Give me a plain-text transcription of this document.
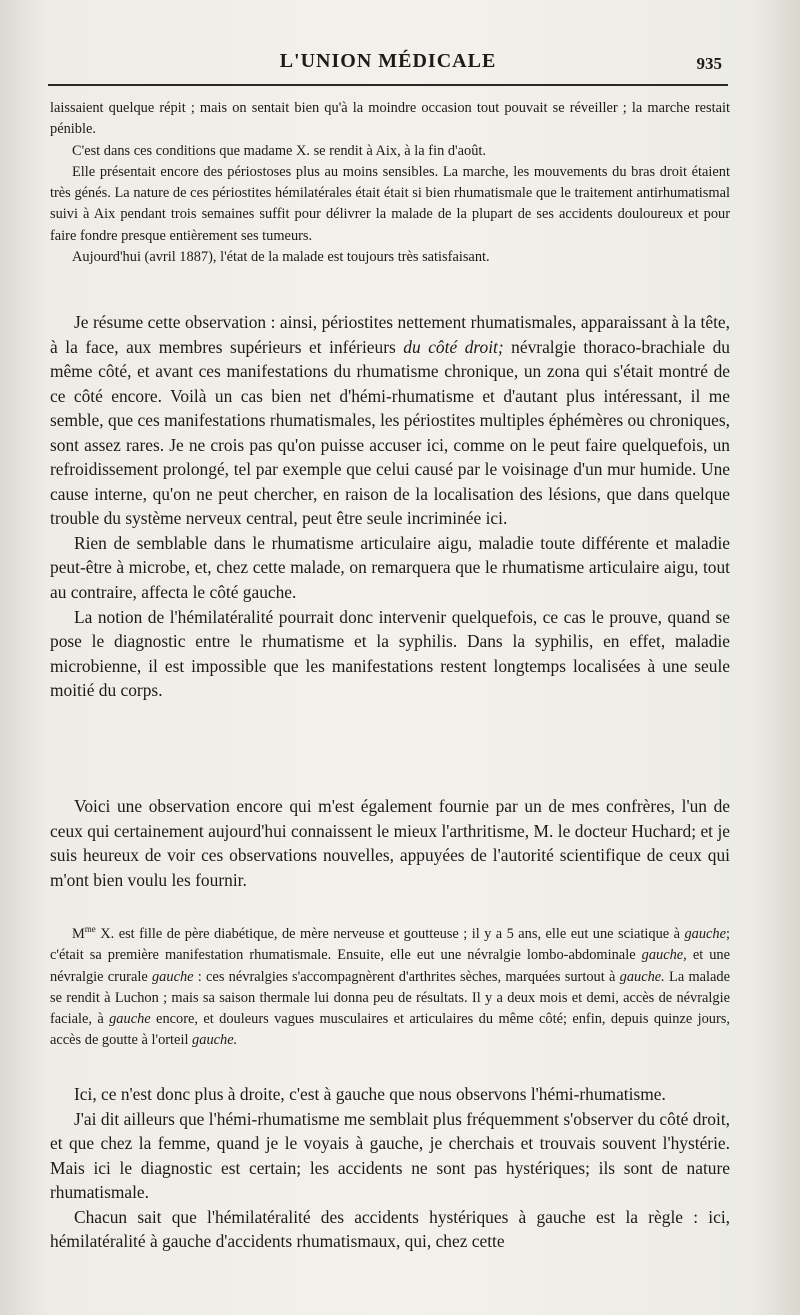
L'UNION MÉDICALE	935

laissaient quelque répit ; mais on sentait bien qu'à la moindre occasion tout pouvait se réveiller ; la marche restait pénible.

C'est dans ces conditions que madame X. se rendit à Aix, à la fin d'août.

Elle présentait encore des périostoses plus au moins sensibles. La marche, les mouvements du bras droit étaient très génés. La nature de ces périostites hémilatérales était était si bien rhumatismale que le traitement antirhumatismal suivi à Aix pendant trois semaines suffit pour délivrer la malade de la plupart de ses accidents douloureux et pour faire fondre presque entièrement ses tumeurs.

Aujourd'hui (avril 1887), l'état de la malade est toujours très satisfaisant.

Je résume cette observation : ainsi, périostites nettement rhumatismales, apparaissant à la tête, à la face, aux membres supérieurs et inférieurs du côté droit; névralgie thoraco-brachiale du même côté, et avant ces manifestations du rhumatisme chronique, un zona qui s'était montré de ce côté encore. Voilà un cas bien net d'hémi-rhumatisme et d'autant plus intéressant, il me semble, que ces manifestations rhumatismales, les périostites multiples éphémères ou chroniques, sont assez rares. Je ne crois pas qu'on puisse accuser ici, comme on le peut faire quelquefois, un refroidissement prolongé, tel par exemple que celui causé par le voisinage d'un mur humide. Une cause interne, qu'on ne peut chercher, en raison de la localisation des lésions, que dans quelque trouble du système nerveux central, peut être seule incriminée ici.

Rien de semblable dans le rhumatisme articulaire aigu, maladie toute différente et maladie peut-être à microbe, et, chez cette malade, on remarquera que le rhumatisme articulaire aigu, tout au contraire, affecta le côté gauche.

La notion de l'hémilatéralité pourrait donc intervenir quelquefois, ce cas le prouve, quand se pose le diagnostic entre le rhumatisme et la syphilis. Dans la syphilis, en effet, maladie microbienne, il est impossible que les manifestations restent longtemps localisées à une seule moitié du corps.

Voici une observation encore qui m'est également fournie par un de mes confrères, l'un de ceux qui certainement aujourd'hui connaissent le mieux l'arthritisme, M. le docteur Huchard; et je suis heureux de voir ces observations nouvelles, appuyées de l'autorité scientifique de ceux qui m'ont bien voulu les fournir.

$M^{me}$ X. est fille de père diabétique, de mère nerveuse et goutteuse ; il y a 5 ans, elle eut une sciatique à gauche; c'était sa première manifestation rhumatismale. Ensuite, elle eut une névralgie lombo-abdominale gauche, et une névralgie crurale gauche : ces névralgies s'accompagnèrent d'arthrites sèches, marquées surtout à gauche. La malade se rendit à Luchon ; mais sa saison thermale lui donna peu de résultats. Il y a deux mois et demi, accès de névralgie faciale, à gauche encore, et douleurs vagues musculaires et articulaires du même côté; enfin, depuis quinze jours, accès de goutte à l'orteil gauche.

Ici, ce n'est donc plus à droite, c'est à gauche que nous observons l'hémi-rhumatisme.

J'ai dit ailleurs que l'hémi-rhumatisme me semblait plus fréquemment s'observer du côté droit, et que chez la femme, quand je le voyais à gauche, je cherchais et trouvais souvent l'hystérie. Mais ici le diagnostic est certain; les accidents ne sont pas hystériques; ils sont de nature rhumatismale.

Chacun sait que l'hémilatéralité des accidents hystériques à gauche est la règle : ici, hémilatéralité à gauche d'accidents rhumatismaux, qui, chez cette
